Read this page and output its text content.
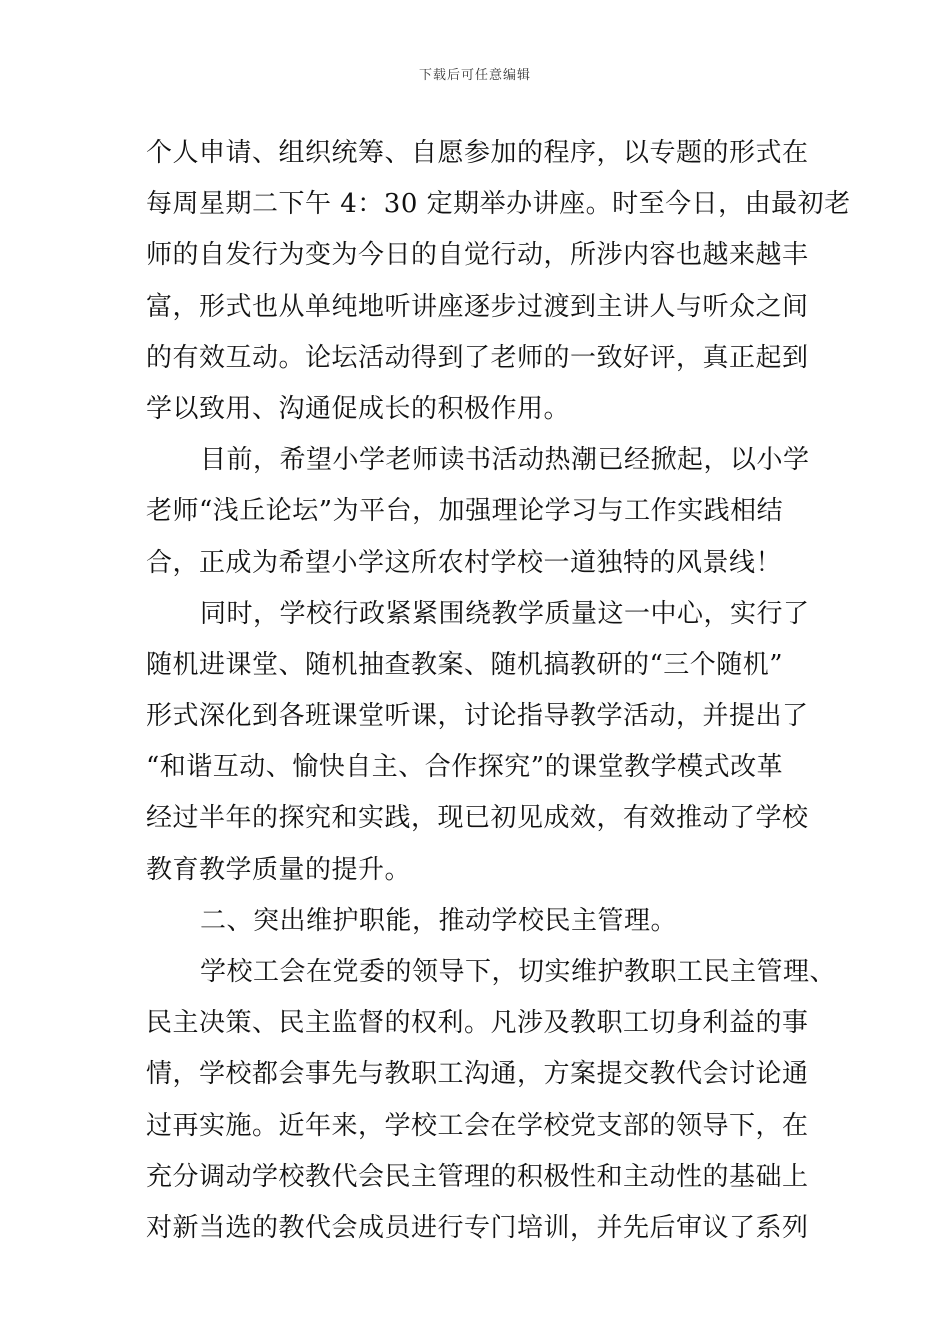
下载后可任意编辑
个人申请、组织统筹、自愿参加的程序，以专题的形式在
每周星期二下午 4：30 定期举办讲座。时至今日，由最初老
师的自发行为变为今日的自觉行动，所涉内容也越来越丰
富，形式也从单纯地听讲座逐步过渡到主讲人与听众之间
的有效互动。论坛活动得到了老师的一致好评，真正起到
学以致用、沟通促成长的积极作用。
目前，希望小学老师读书活动热潮已经掀起，以小学
老师“浅丘论坛”为平台，加强理论学习与工作实践相结
合，正成为希望小学这所农村学校一道独特的风景线！
同时，学校行政紧紧围绕教学质量这一中心，实行了
随机进课堂、随机抽查教案、随机搞教研的“三个随机”
形式深化到各班课堂听课，讨论指导教学活动，并提出了
“和谐互动、愉快自主、合作探究”的课堂教学模式改革
经过半年的探究和实践，现已初见成效，有效推动了学校
教育教学质量的提升。
二、突出维护职能，推动学校民主管理。
学校工会在党委的领导下，切实维护教职工民主管理、
民主决策、民主监督的权利。凡涉及教职工切身利益的事
情，学校都会事先与教职工沟通，方案提交教代会讨论通
过再实施。近年来，学校工会在学校党支部的领导下，在
充分调动学校教代会民主管理的积极性和主动性的基础上
对新当选的教代会成员进行专门培训，并先后审议了系列
